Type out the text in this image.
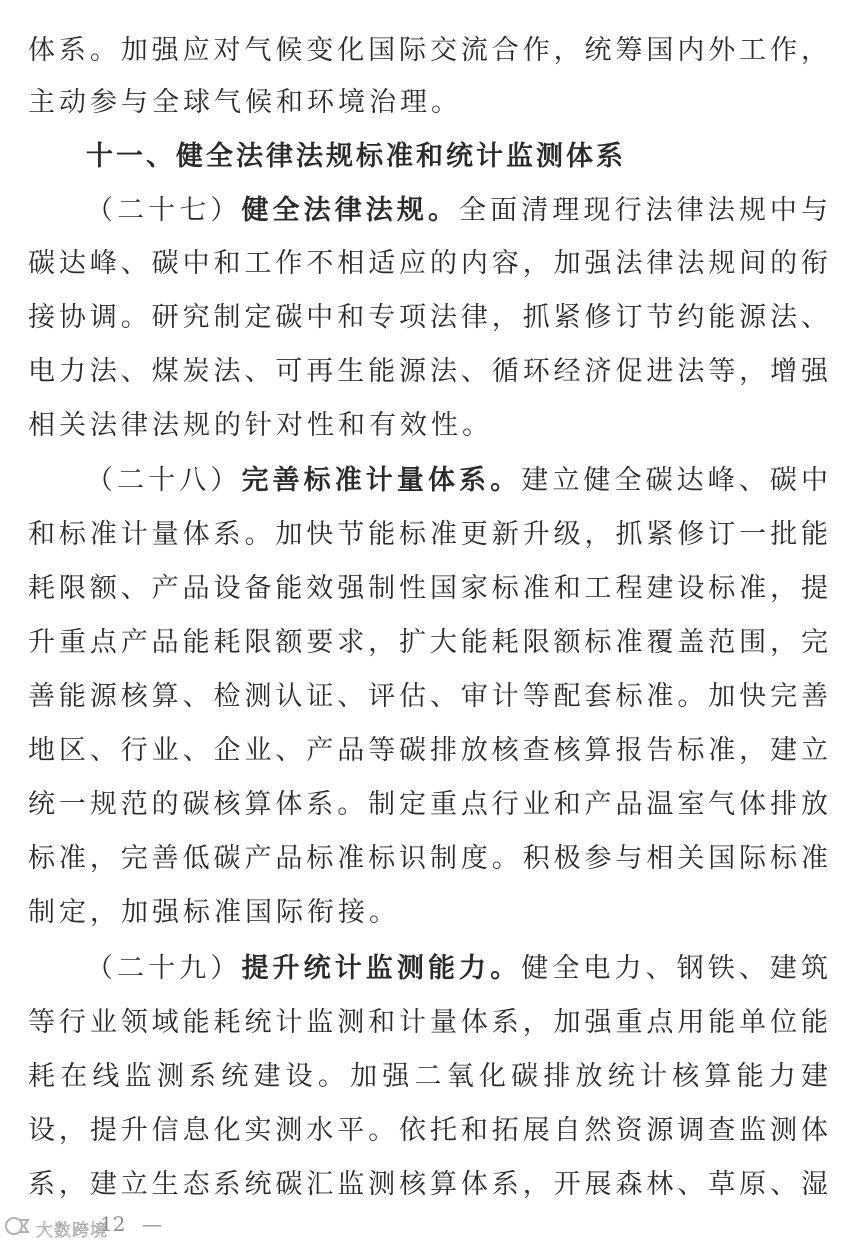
体系。加强应对气候变化国际交流合作，统筹国内外工作，
主动参与全球气候和环境治理。
十一、健全法律法规标准和统计监测体系
（二十七）健全法律法规。全面清理现行法律法规中与
碳达峰、碳中和工作不相适应的内容，加强法律法规间的衔
接协调。研究制定碳中和专项法律，抓紧修订节约能源法、
电力法、煤炭法、可再生能源法、循环经济促进法等，增强
相关法律法规的针对性和有效性。
（二十八）完善标准计量体系。建立健全碳达峰、碳中
和标准计量体系。加快节能标准更新升级，抓紧修订一批能
耗限额、产品设备能效强制性国家标准和工程建设标准，提
升重点产品能耗限额要求，扩大能耗限额标准覆盖范围，完
善能源核算、检测认证、评估、审计等配套标准。加快完善
地区、行业、企业、产品等碳排放核查核算报告标准，建立
统一规范的碳核算体系。制定重点行业和产品温室气体排放
标准，完善低碳产品标准标识制度。积极参与相关国际标准
制定，加强标准国际衔接。
（二十九）提升统计监测能力。健全电力、钢铁、建筑
等行业领域能耗统计监测和计量体系，加强重点用能单位能
耗在线监测系统建设。加强二氧化碳排放统计核算能力建
设，提升信息化实测水平。依托和拓展自然资源调查监测体
系，建立生态系统碳汇监测核算体系，开展森林、草原、湿
大数跨境
12 —
